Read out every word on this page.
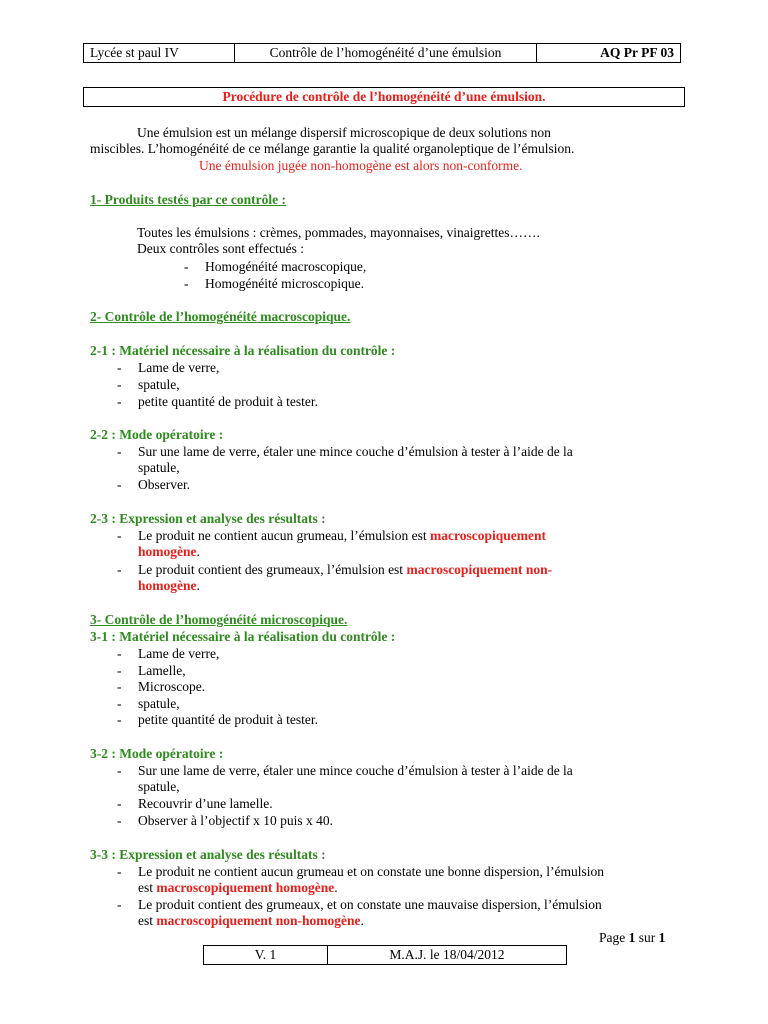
Lycée st paul IV	Contrôle de l’homogénéité d’une émulsion	AQ Pr PF 03
Procédure de contrôle de l’homogénéité d’une émulsion.
Une émulsion est un mélange dispersif microscopique de deux solutions non
miscibles. L’homogénéité de ce mélange garantie la qualité organoleptique de l’émulsion.
Une émulsion jugée non-homogène est alors non-conforme.
1- Produits testés par ce contrôle :
Toutes les émulsions : crèmes, pommades, mayonnaises, vinaigrettes…….
Deux contrôles sont effectués :
- Homogénéité macroscopique,
- Homogénéité microscopique.
2- Contrôle de l’homogénéité macroscopique.
2-1 : Matériel nécessaire à la réalisation du contrôle :
- Lame de verre,
- spatule,
- petite quantité de produit à tester.
2-2 : Mode opératoire :
- Sur une lame de verre, étaler une mince couche d’émulsion à tester à l’aide de la
spatule,
- Observer.
2-3 : Expression et analyse des résultats :
- Le produit ne contient aucun grumeau, l’émulsion est macroscopiquement
homogène.
- Le produit contient des grumeaux, l’émulsion est macroscopiquement non-
homogène.
3- Contrôle de l’homogénéité microscopique.
3-1 : Matériel nécessaire à la réalisation du contrôle :
- Lame de verre,
- Lamelle,
- Microscope.
- spatule,
- petite quantité de produit à tester.
3-2 : Mode opératoire :
- Sur une lame de verre, étaler une mince couche d’émulsion à tester à l’aide de la
spatule,
- Recouvrir d’une lamelle.
- Observer à l’objectif x 10 puis x 40.
3-3 : Expression et analyse des résultats :
- Le produit ne contient aucun grumeau et on constate une bonne dispersion, l’émulsion
est macroscopiquement homogène.
- Le produit contient des grumeaux, et on constate une mauvaise dispersion, l’émulsion
est macroscopiquement non-homogène.
Page 1 sur 1
V. 1	M.A.J. le 18/04/2012
